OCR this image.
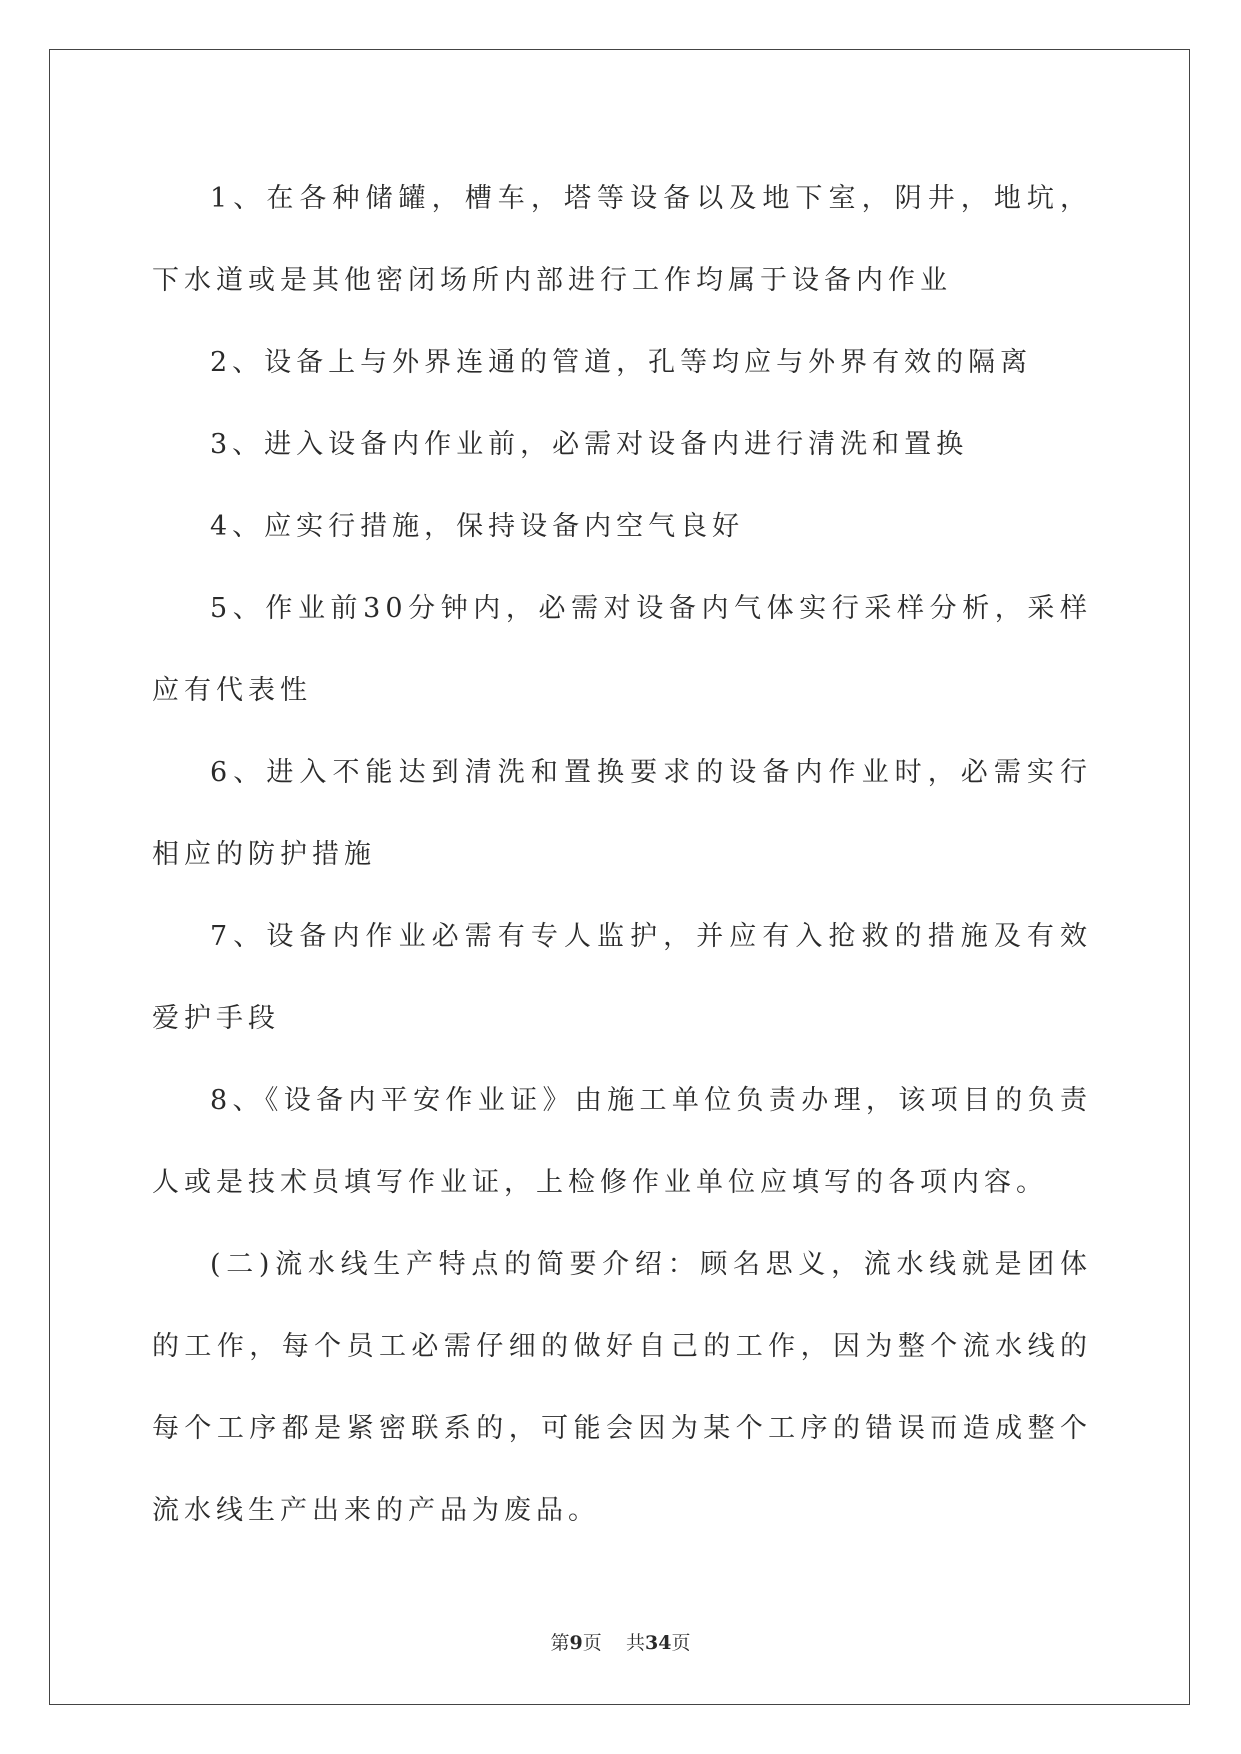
1、在各种储罐，槽车，塔等设备以及地下室，阴井，地坑，下水道或是其他密闭场所内部进行工作均属于设备内作业

2、设备上与外界连通的管道，孔等均应与外界有效的隔离

3、进入设备内作业前，必需对设备内进行清洗和置换

4、应实行措施，保持设备内空气良好

5、作业前30分钟内，必需对设备内气体实行采样分析，采样应有代表性

6、进入不能达到清洗和置换要求的设备内作业时，必需实行相应的防护措施

7、设备内作业必需有专人监护，并应有入抢救的措施及有效爱护手段

8、《设备内平安作业证》由施工单位负责办理，该项目的负责人或是技术员填写作业证，上检修作业单位应填写的各项内容。

(二)流水线生产特点的简要介绍：顾名思义，流水线就是团体的工作，每个员工必需仔细的做好自己的工作，因为整个流水线的每个工序都是紧密联系的，可能会因为某个工序的错误而造成整个流水线生产出来的产品为废品。

第9页 共34页
